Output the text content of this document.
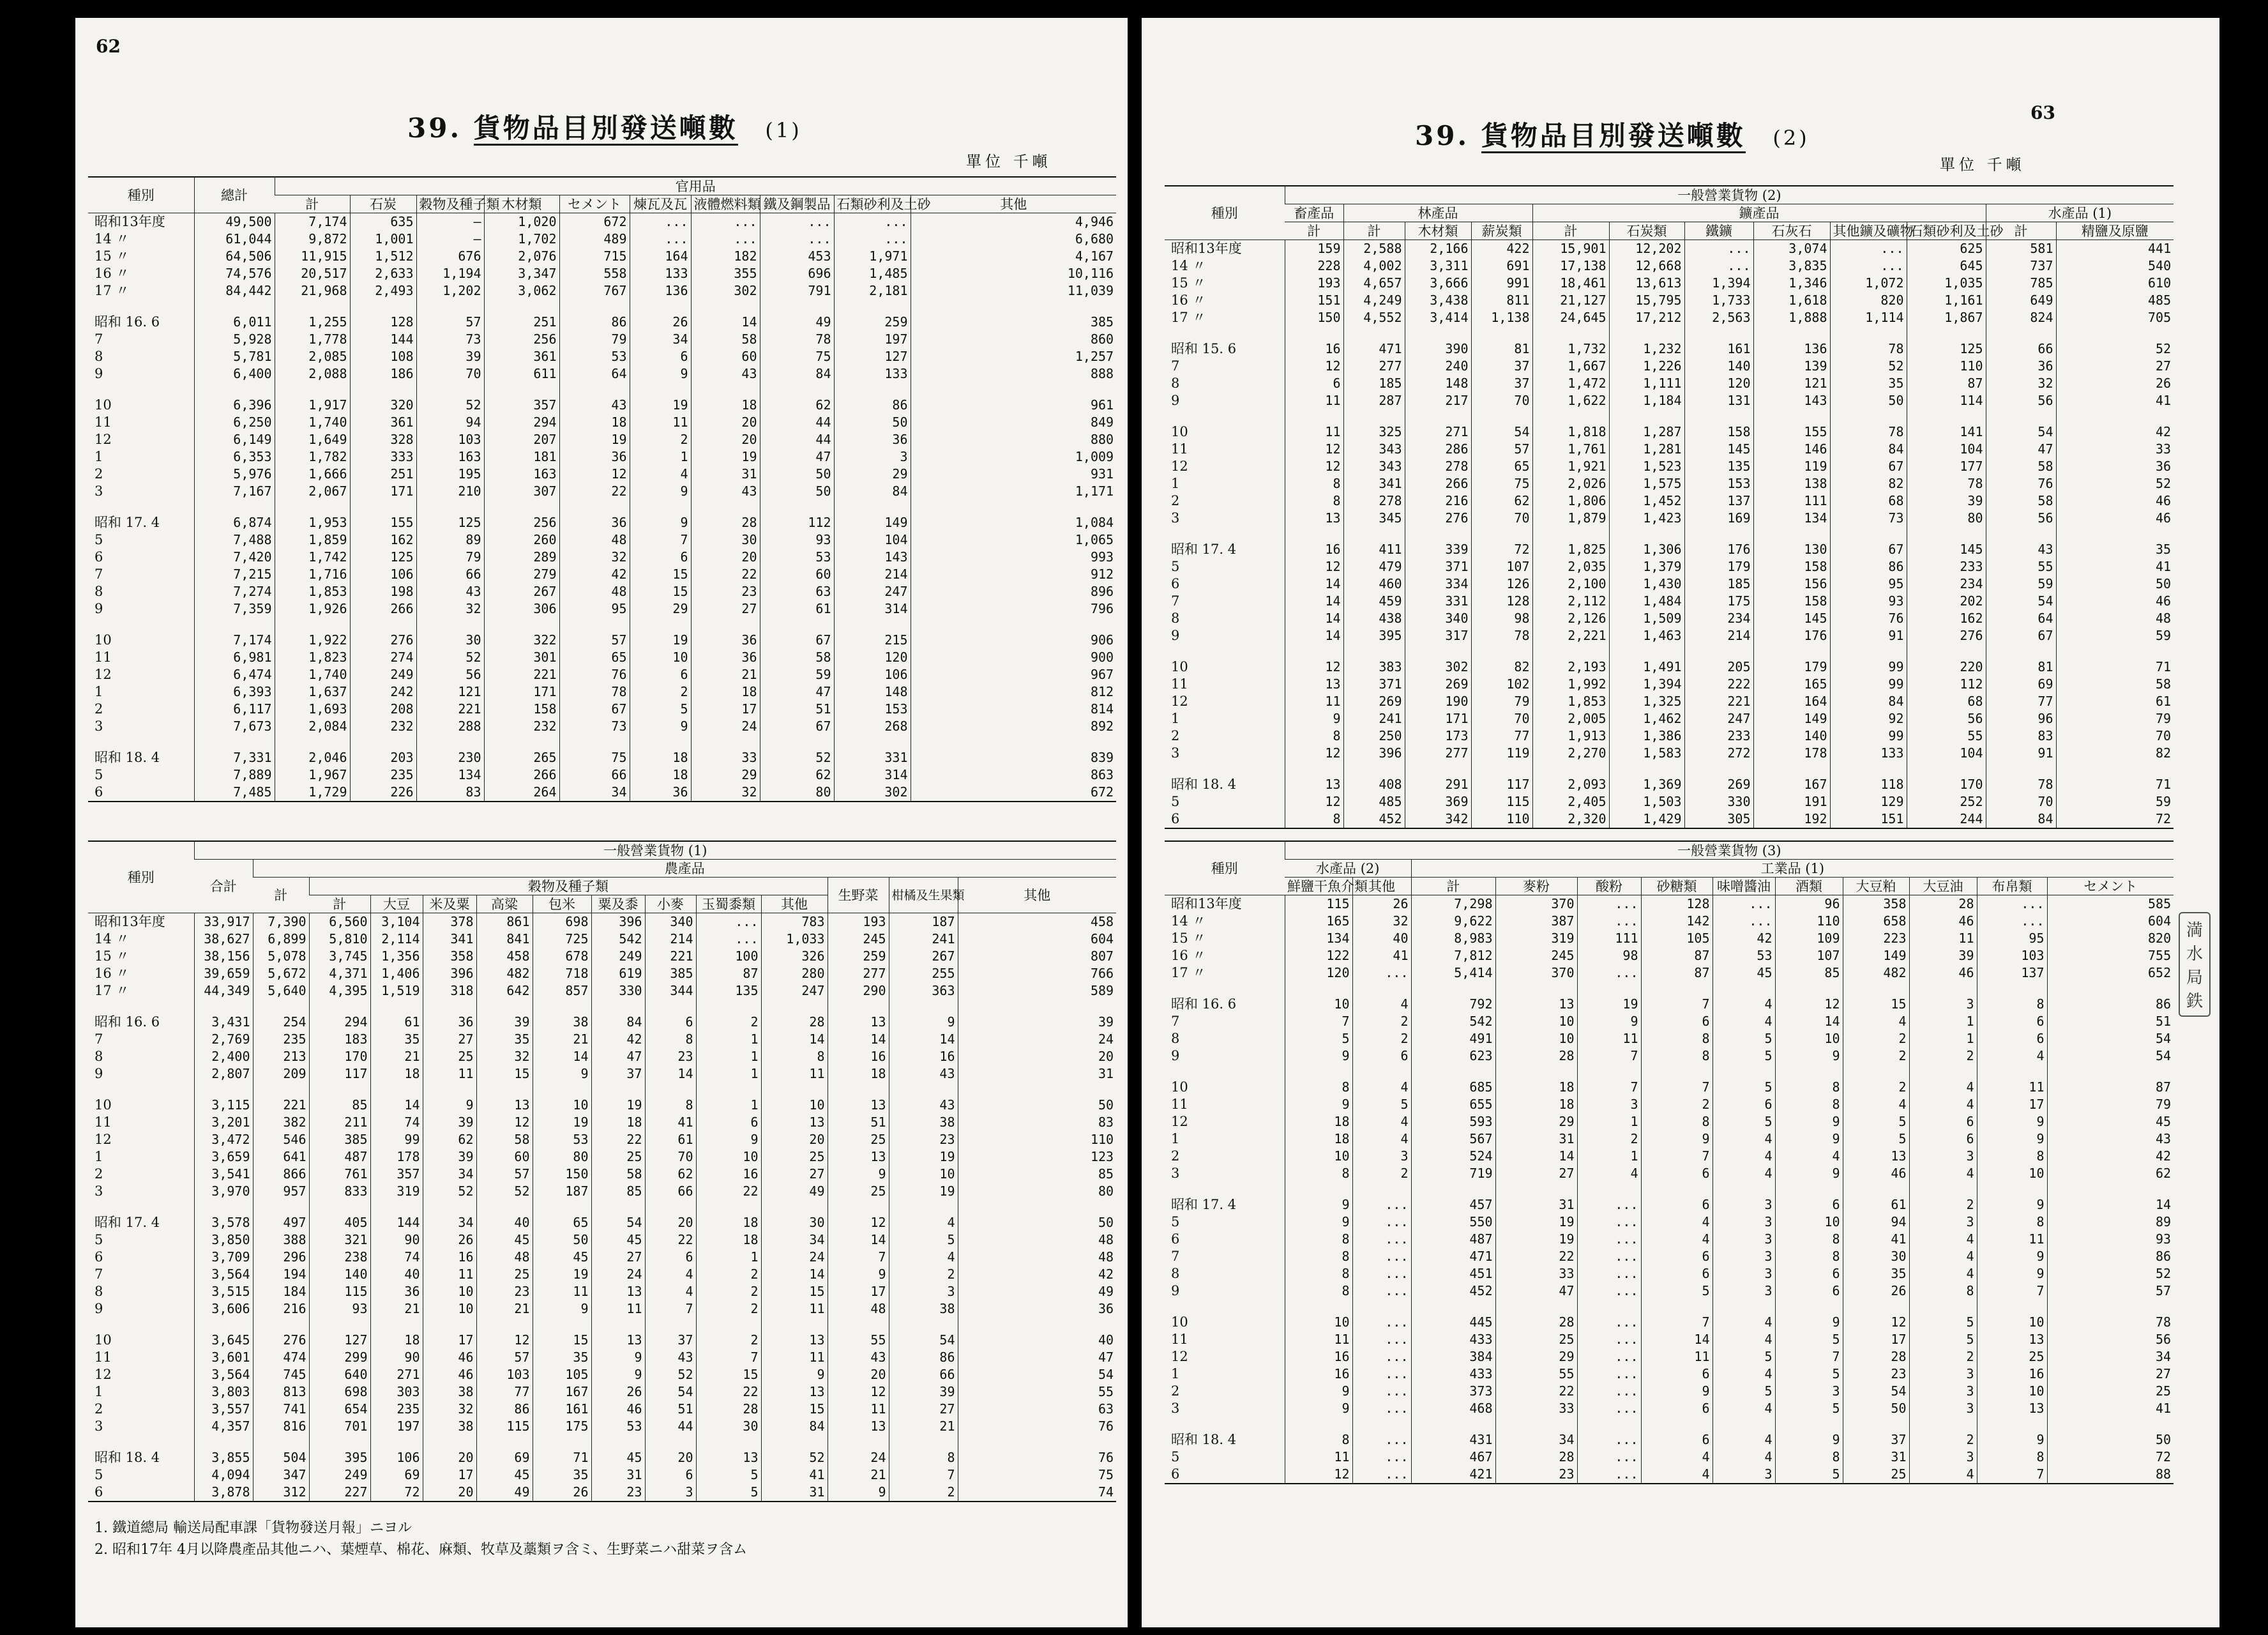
62
39. 貨物品目別發送噸數 (1)
單位 千噸
種別	總計	官用品									
		計	石炭	穀物及種子類	木材類	セメント	煉瓦及瓦	液體燃料類	鐵及鋼製品	石類砂利及土砂	其他
昭和13年度	49,500	7,174	635	—	1,020	672	...	...	...	...	4,946
14 〃	61,044	9,872	1,001	—	1,702	489	...	...	...	...	6,680
15 〃	64,506	11,915	1,512	676	2,076	715	164	182	453	1,971	4,167
16 〃	74,576	20,517	2,633	1,194	3,347	558	133	355	696	1,485	10,116
17 〃	84,442	21,968	2,493	1,202	3,062	767	136	302	791	2,181	11,039

昭和 16. 6	6,011	1,255	128	57	251	86	26	14	49	259	385
7	5,928	1,778	144	73	256	79	34	58	78	197	860
8	5,781	2,085	108	39	361	53	6	60	75	127	1,257
9	6,400	2,088	186	70	611	64	9	43	84	133	888

10	6,396	1,917	320	52	357	43	19	18	62	86	961
11	6,250	1,740	361	94	294	18	11	20	44	50	849
12	6,149	1,649	328	103	207	19	2	20	44	36	880
1	6,353	1,782	333	163	181	36	1	19	47	3	1,009
2	5,976	1,666	251	195	163	12	4	31	50	29	931
3	7,167	2,067	171	210	307	22	9	43	50	84	1,171

昭和 17. 4	6,874	1,953	155	125	256	36	9	28	112	149	1,084
5	7,488	1,859	162	89	260	48	7	30	93	104	1,065
6	7,420	1,742	125	79	289	32	6	20	53	143	993
7	7,215	1,716	106	66	279	42	15	22	60	214	912
8	7,274	1,853	198	43	267	48	15	23	63	247	896
9	7,359	1,926	266	32	306	95	29	27	61	314	796

10	7,174	1,922	276	30	322	57	19	36	67	215	906
11	6,981	1,823	274	52	301	65	10	36	58	120	900
12	6,474	1,740	249	56	221	76	6	21	59	106	967
1	6,393	1,637	242	121	171	78	2	18	47	148	812
2	6,117	1,693	208	221	158	67	5	17	51	153	814
3	7,673	2,084	232	288	232	73	9	24	67	268	892

昭和 18. 4	7,331	2,046	203	230	265	75	18	33	52	331	839
5	7,889	1,967	235	134	266	66	18	29	62	314	863
6	7,485	1,729	226	83	264	34	36	32	80	302	672
種別	一般營業貨物 (1)													
	合計	農產品												
		計	穀物及種子類									生野菜	柑橘及生果類	其他
			計	大豆	米及粟	高粱	包米	粟及黍	小麥	玉蜀黍類	其他			
昭和13年度	33,917	7,390	6,560	3,104	378	861	698	396	340	...	783	193	187	458
14 〃	38,627	6,899	5,810	2,114	341	841	725	542	214	...	1,033	245	241	604
15 〃	38,156	5,078	3,745	1,356	358	458	678	249	221	100	326	259	267	807
16 〃	39,659	5,672	4,371	1,406	396	482	718	619	385	87	280	277	255	766
17 〃	44,349	5,640	4,395	1,519	318	642	857	330	344	135	247	290	363	589

昭和 16. 6	3,431	254	294	61	36	39	38	84	6	2	28	13	9	39
7	2,769	235	183	35	27	35	21	42	8	1	14	14	14	24
8	2,400	213	170	21	25	32	14	47	23	1	8	16	16	20
9	2,807	209	117	18	11	15	9	37	14	1	11	18	43	31

10	3,115	221	85	14	9	13	10	19	8	1	10	13	43	50
11	3,201	382	211	74	39	12	19	18	41	6	13	51	38	83
12	3,472	546	385	99	62	58	53	22	61	9	20	25	23	110
1	3,659	641	487	178	39	60	80	25	70	10	25	13	19	123
2	3,541	866	761	357	34	57	150	58	62	16	27	9	10	85
3	3,970	957	833	319	52	52	187	85	66	22	49	25	19	80

昭和 17. 4	3,578	497	405	144	34	40	65	54	20	18	30	12	4	50
5	3,850	388	321	90	26	45	50	45	22	18	34	14	5	48
6	3,709	296	238	74	16	48	45	27	6	1	24	7	4	48
7	3,564	194	140	40	11	25	19	24	4	2	14	9	2	42
8	3,515	184	115	36	10	23	11	13	4	2	15	17	3	49
9	3,606	216	93	21	10	21	9	11	7	2	11	48	38	36

10	3,645	276	127	18	17	12	15	13	37	2	13	55	54	40
11	3,601	474	299	90	46	57	35	9	43	7	11	43	86	47
12	3,564	745	640	271	46	103	105	9	52	15	9	20	66	54
1	3,803	813	698	303	38	77	167	26	54	22	13	12	39	55
2	3,557	741	654	235	32	86	161	46	51	28	15	11	27	63
3	4,357	816	701	197	38	115	175	53	44	30	84	13	21	76

昭和 18. 4	3,855	504	395	106	20	69	71	45	20	13	52	24	8	76
5	4,094	347	249	69	17	45	35	31	6	5	41	21	7	75
6	3,878	312	227	72	20	49	26	23	3	5	31	9	2	74
1. 鐵道總局 輸送局配車課「貨物發送月報」ニヨル
2. 昭和17年 4月以降農產品其他ニハ、葉煙草、棉花、麻類、牧草及藁類ヲ含ミ、生野菜ニハ甜菜ヲ含ム
63
39. 貨物品目別發送噸數 (2)
單位 千噸
種別	一般營業貨物 (2)											
	畜產品	林產品			鑛產品						水產品 (1)	
	計	計	木材類	薪炭類	計	石炭類	鐵鑛	石灰石	其他鑛及礦物	石類砂利及土砂	計	精鹽及原鹽
昭和13年度	159	2,588	2,166	422	15,901	12,202	...	3,074	...	625	581	441
14 〃	228	4,002	3,311	691	17,138	12,668	...	3,835	...	645	737	540
15 〃	193	4,657	3,666	991	18,461	13,613	1,394	1,346	1,072	1,035	785	610
16 〃	151	4,249	3,438	811	21,127	15,795	1,733	1,618	820	1,161	649	485
17 〃	150	4,552	3,414	1,138	24,645	17,212	2,563	1,888	1,114	1,867	824	705

昭和 15. 6	16	471	390	81	1,732	1,232	161	136	78	125	66	52
7	12	277	240	37	1,667	1,226	140	139	52	110	36	27
8	6	185	148	37	1,472	1,111	120	121	35	87	32	26
9	11	287	217	70	1,622	1,184	131	143	50	114	56	41

10	11	325	271	54	1,818	1,287	158	155	78	141	54	42
11	12	343	286	57	1,761	1,281	145	146	84	104	47	33
12	12	343	278	65	1,921	1,523	135	119	67	177	58	36
1	8	341	266	75	2,026	1,575	153	138	82	78	76	52
2	8	278	216	62	1,806	1,452	137	111	68	39	58	46
3	13	345	276	70	1,879	1,423	169	134	73	80	56	46

昭和 17. 4	16	411	339	72	1,825	1,306	176	130	67	145	43	35
5	12	479	371	107	2,035	1,379	179	158	86	233	55	41
6	14	460	334	126	2,100	1,430	185	156	95	234	59	50
7	14	459	331	128	2,112	1,484	175	158	93	202	54	46
8	14	438	340	98	2,126	1,509	234	145	76	162	64	48
9	14	395	317	78	2,221	1,463	214	176	91	276	67	59

10	12	383	302	82	2,193	1,491	205	179	99	220	81	71
11	13	371	269	102	1,992	1,394	222	165	99	112	69	58
12	11	269	190	79	1,853	1,325	221	164	84	68	77	61
1	9	241	171	70	2,005	1,462	247	149	92	56	96	79
2	8	250	173	77	1,913	1,386	233	140	99	55	83	70
3	12	396	277	119	2,270	1,583	272	178	133	104	91	82

昭和 18. 4	13	408	291	117	2,093	1,369	269	167	118	170	78	71
5	12	485	369	115	2,405	1,503	330	191	129	252	70	59
6	8	452	342	110	2,320	1,429	305	192	151	244	84	72
種別	一般營業貨物 (3)											
	水產品 (2)		工業品 (1)									
	鮮鹽干魚介類	其他	計	麥粉	酸粉	砂糖類	味噌醬油	酒類	大豆粕	大豆油	布帛類	セメント
昭和13年度	115	26	7,298	370	...	128	...	96	358	28	...	585
14 〃	165	32	9,622	387	...	142	...	110	658	46	...	604
15 〃	134	40	8,983	319	111	105	42	109	223	11	95	820
16 〃	122	41	7,812	245	98	87	53	107	149	39	103	755
17 〃	120	...	5,414	370	...	87	45	85	482	46	137	652

昭和 16. 6	10	4	792	13	19	7	4	12	15	3	8	86
7	7	2	542	10	9	6	4	14	4	1	6	51
8	5	2	491	10	11	8	5	10	2	1	6	54
9	9	6	623	28	7	8	5	9	2	2	4	54

10	8	4	685	18	7	7	5	8	2	4	11	87
11	9	5	655	18	3	2	6	8	4	4	17	79
12	18	4	593	29	1	8	5	9	5	6	9	45
1	18	4	567	31	2	9	4	9	5	6	9	43
2	10	3	524	14	1	7	4	4	13	3	8	42
3	8	2	719	27	4	6	4	9	46	4	10	62

昭和 17. 4	9	...	457	31	...	6	3	6	61	2	9	14
5	9	...	550	19	...	4	3	10	94	3	8	89
6	8	...	487	19	...	4	3	8	41	4	11	93
7	8	...	471	22	...	6	3	8	30	4	9	86
8	8	...	451	33	...	6	3	6	35	4	9	52
9	8	...	452	47	...	5	3	6	26	8	7	57

10	10	...	445	28	...	7	4	9	12	5	10	78
11	11	...	433	25	...	14	4	5	17	5	13	56
12	16	...	384	29	...	11	5	7	28	2	25	34
1	16	...	433	55	...	6	4	5	23	3	16	27
2	9	...	373	22	...	9	5	3	54	3	10	25
3	9	...	468	33	...	6	4	5	50	3	13	41

昭和 18. 4	8	...	431	34	...	6	4	9	37	2	9	50
5	11	...	467	28	...	4	4	8	31	3	8	72
6	12	...	421	23	...	4	3	5	25	4	7	88
満
水
局
鉄
